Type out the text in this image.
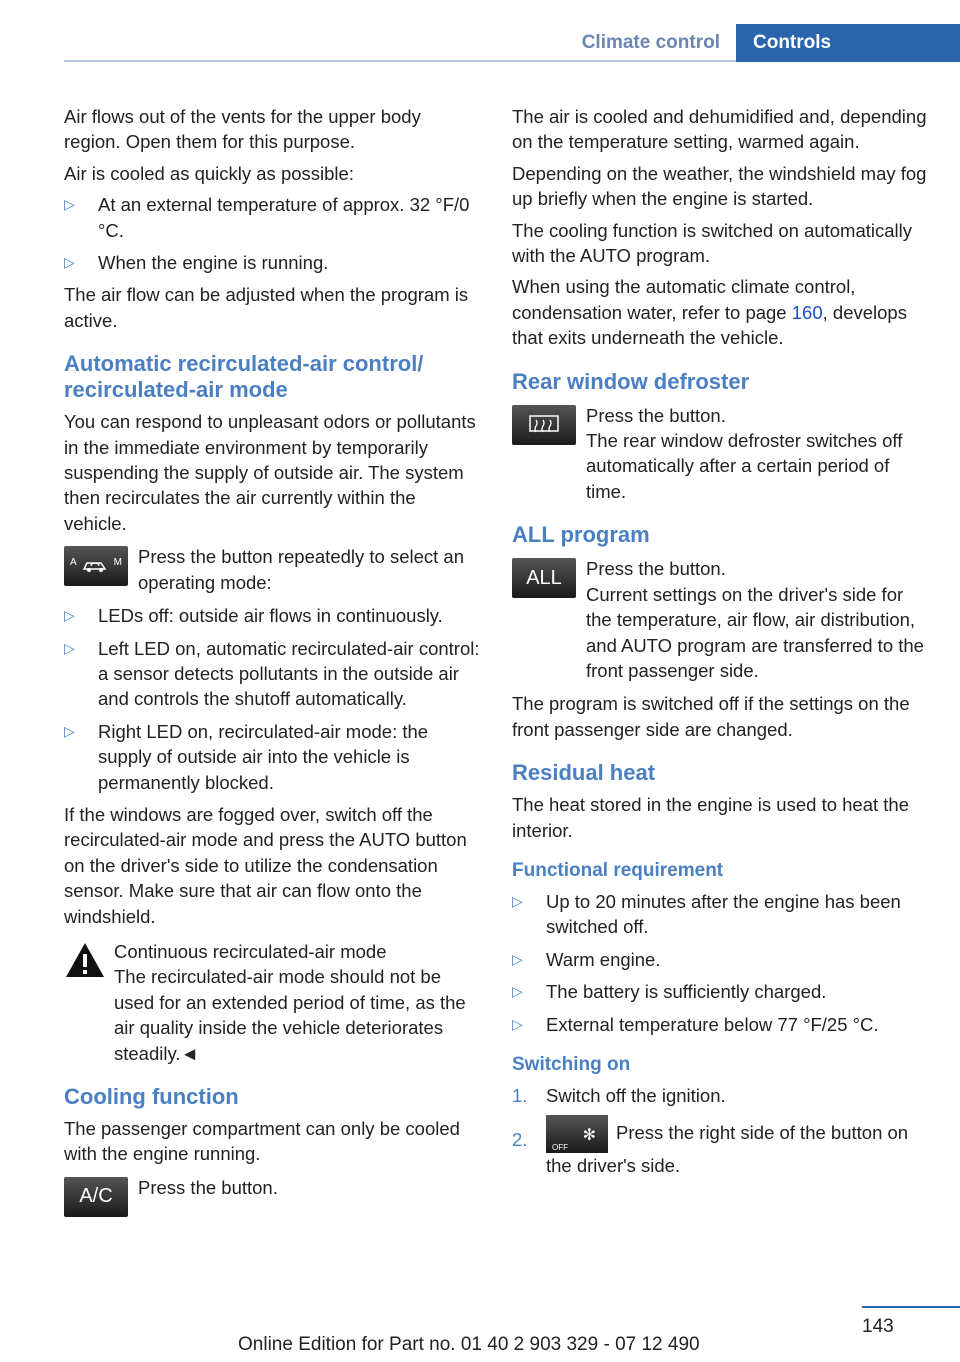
Climate control	Controls

Air flows out of the vents for the upper body region. Open them for this purpose.

Air is cooled as quickly as possible:

▷ At an external temperature of approx. 32 °F/0 °C.
▷ When the engine is running.

The air flow can be adjusted when the program is active.

Automatic recirculated-air control/ recirculated-air mode

You can respond to unpleasant odors or pollutants in the immediate environment by temporarily suspending the supply of outside air. The system then recirculates the air currently within the vehicle.

A	M Press the button repeatedly to select an operating mode:
▷ LEDs off: outside air flows in continuously.
▷ Left LED on, automatic recirculated-air control: a sensor detects pollutants in the outside air and controls the shutoff automatically.
▷ Right LED on, recirculated-air mode: the supply of outside air into the vehicle is permanently blocked.

If the windows are fogged over, switch off the recirculated-air mode and press the AUTO button on the driver's side to utilize the condensation sensor. Make sure that air can flow onto the windshield.

Continuous recirculated-air mode
The recirculated-air mode should not be used for an extended period of time, as the air quality inside the vehicle deteriorates steadily.◄
Cooling function

The passenger compartment can only be cooled with the engine running.

A/C	Press the button.

The air is cooled and dehumidified and, depending on the temperature setting, warmed again.

Depending on the weather, the windshield may fog up briefly when the engine is started.

The cooling function is switched on automatically with the AUTO program.

When using the automatic climate control, condensation water, refer to page 160, develops that exits underneath the vehicle.

Rear window defroster
Press the button.
The rear window defroster switches off automatically after a certain period of time.
ALL program
ALL	Press the button.
Current settings on the driver's side for the temperature, air flow, air distribution, and AUTO program are transferred to the front passenger side.

The program is switched off if the settings on the front passenger side are changed.

Residual heat

The heat stored in the engine is used to heat the interior.

Functional requirement
▷ Up to 20 minutes after the engine has been switched off.
▷ Warm engine.
▷ The battery is sufficiently charged.
▷ External temperature below 77 °F/25 °C.
Switching on
1. Switch off the ignition.
2.	OFF
✻ Press the right side of the button on the driver's side.
143
Online Edition for Part no. 01 40 2 903 329 - 07 12 490
